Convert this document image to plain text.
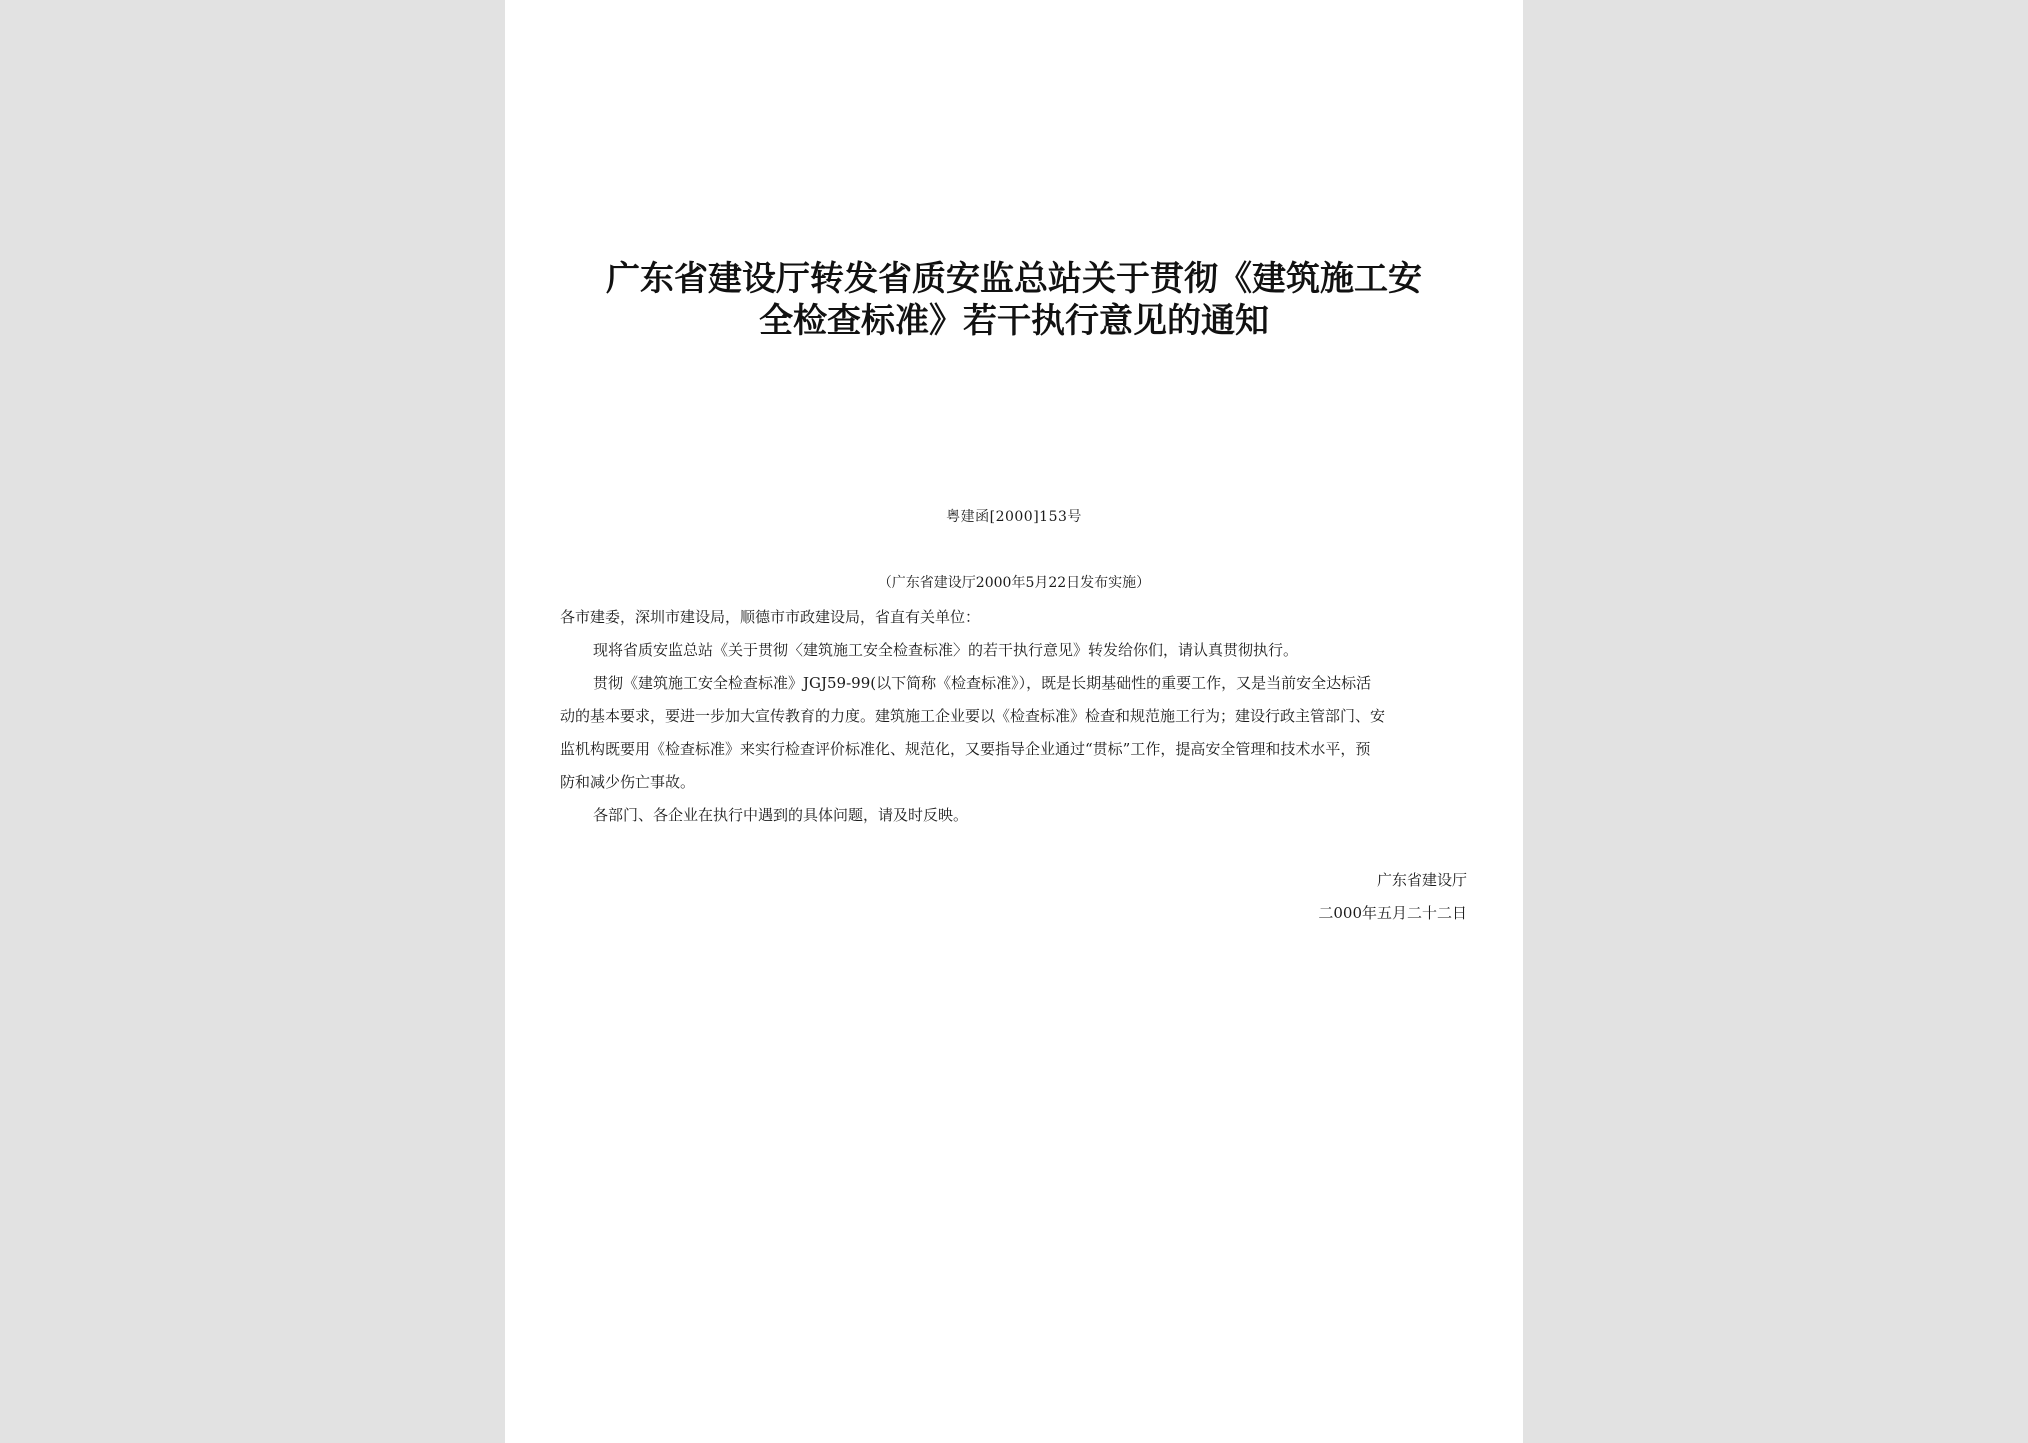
广东省建设厅转发省质安监总站关于贯彻《建筑施工安
全检查标准》若干执行意见的通知
粤建函[2000]153号
（广东省建设厅2000年5月22日发布实施）

各市建委，深圳市建设局，顺德市市政建设局，省直有关单位：

现将省质安监总站《关于贯彻〈建筑施工安全检查标准〉的若干执行意见》转发给你们，请认真贯彻执行。

贯彻《建筑施工安全检查标准》JGJ59-99(以下简称《检查标准》），既是长期基础性的重要工作，又是当前安全达标活

动的基本要求，要进一步加大宣传教育的力度。建筑施工企业要以《检查标准》检查和规范施工行为；建设行政主管部门、安

监机构既要用《检查标准》来实行检查评价标准化、规范化，又要指导企业通过“贯标”工作，提高安全管理和技术水平，预

防和减少伤亡事故。

各部门、各企业在执行中遇到的具体问题，请及时反映。

广东省建设厅
二000年五月二十二日
